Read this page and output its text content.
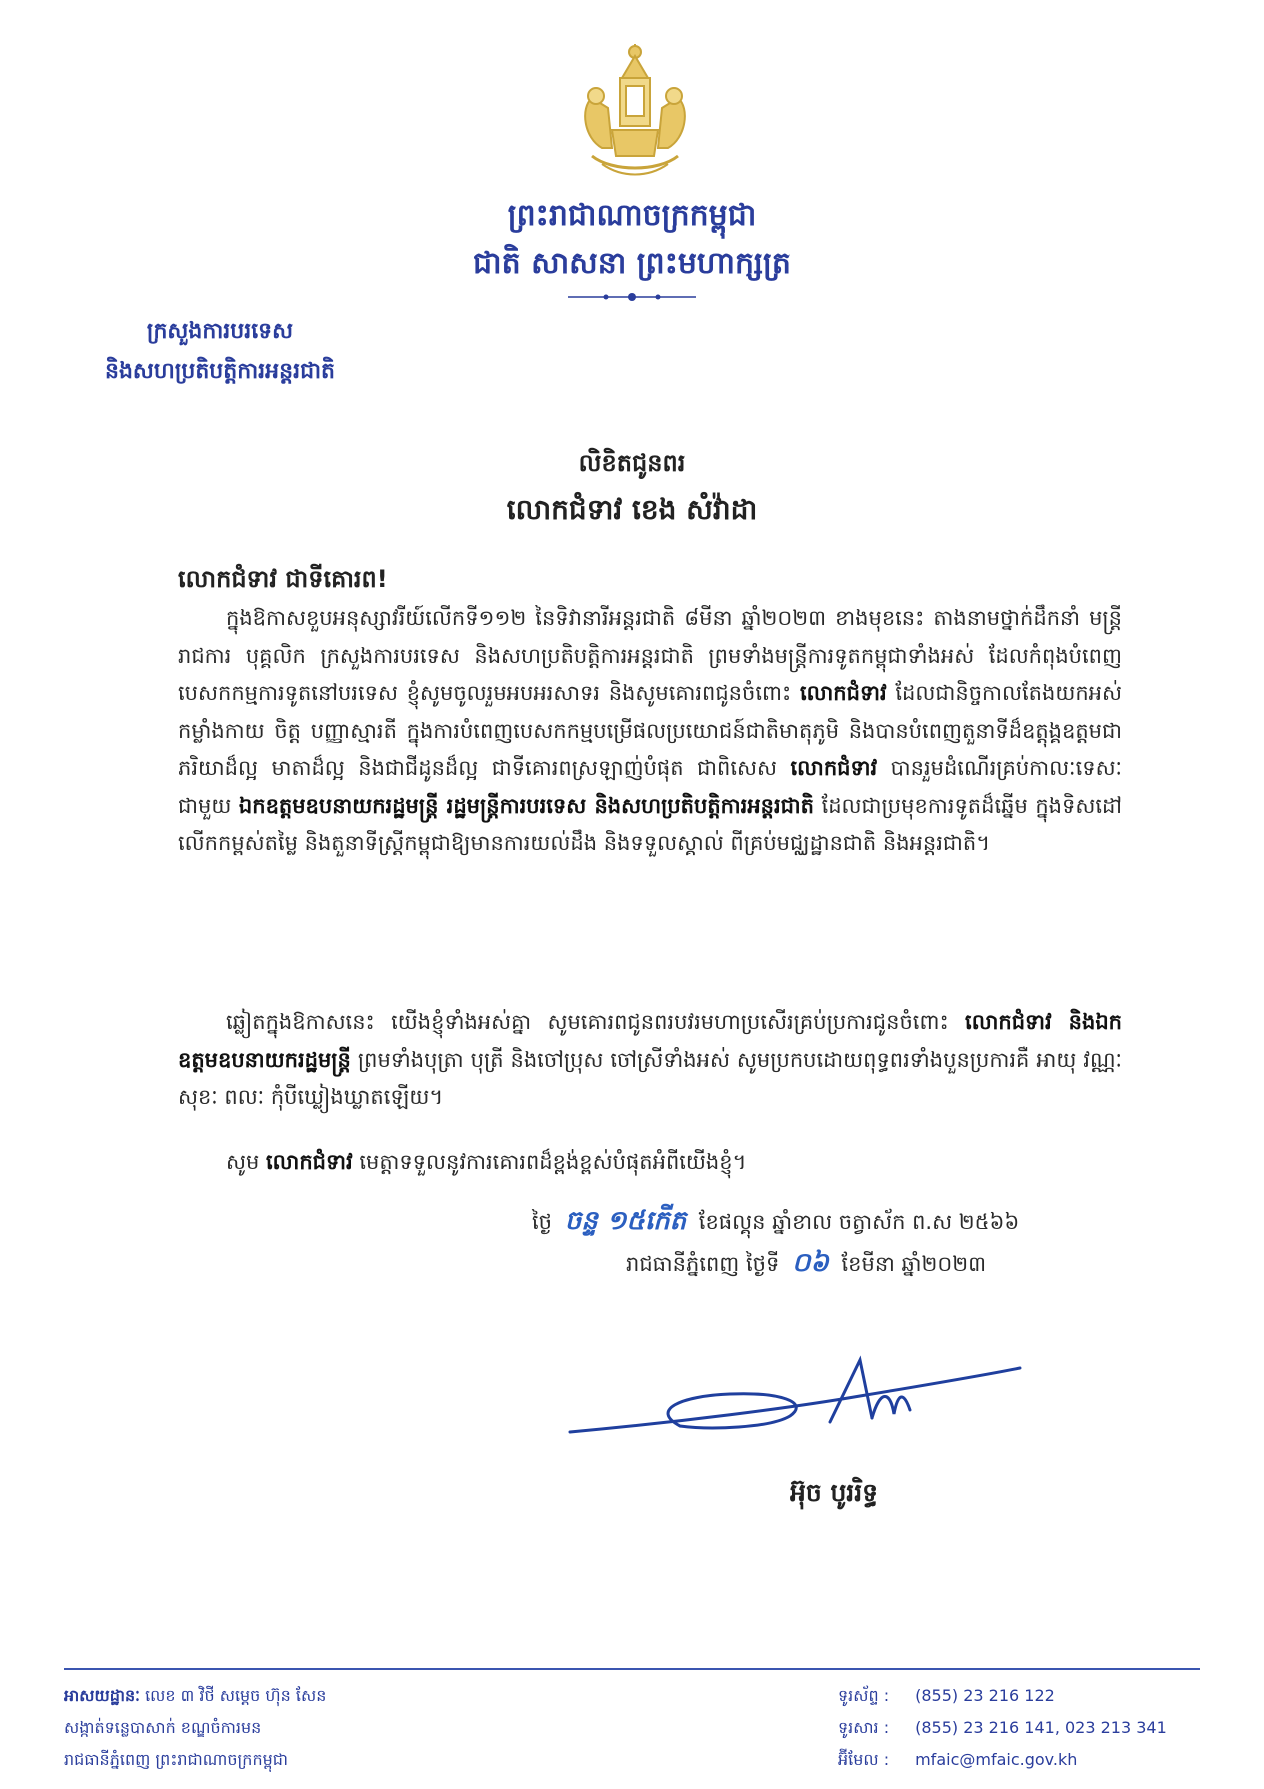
ព្រះរាជាណាចក្រកម្ពុជា
ជាតិ សាសនា ព្រះមហាក្សត្រ
ក្រសួងការបរទេស
និងសហប្រតិបត្តិការអន្តរជាតិ
លិខិតជូនពរ
លោកជំទាវ ខេង សំវ៉ាដា
លោកជំទាវ ជាទីគោរព!
ក្នុងឱកាសខួបអនុស្សាវរីយ៍លើកទី១១២ នៃទិវានារីអន្តរជាតិ ៨មីនា ឆ្នាំ២០២៣ ខាងមុខនេះ តាងនាមថ្នាក់ដឹកនាំ មន្ត្រីរាជការ បុគ្គលិក ក្រសួងការបរទេស និងសហប្រតិបត្តិការអន្តរជាតិ ព្រមទាំងមន្ត្រីការទូតកម្ពុជាទាំងអស់ ដែលកំពុងបំពេញបេសកកម្មការទូតនៅបរទេស ខ្ញុំសូមចូលរួមអបអរសាទរ និងសូមគោរពជូនចំពោះ លោកជំទាវ ដែលជានិច្ចកាលតែងយកអស់កម្លាំងកាយ ចិត្ត បញ្ញាស្មារតី ក្នុងការបំពេញបេសកកម្មបម្រើផលប្រយោជន៍ជាតិមាតុភូមិ និងបានបំពេញតួនាទីដ៏ឧត្តុង្គឧត្តមជាភរិយាដ៏ល្អ មាតាដ៏ល្អ និងជាជីដូនដ៏ល្អ ជាទីគោរពស្រឡាញ់បំផុត ជាពិសេស លោកជំទាវ បានរួមដំណើរគ្រប់កាលៈទេសៈជាមួយ ឯកឧត្តមឧបនាយករដ្ឋមន្ត្រី រដ្ឋមន្ត្រីការបរទេស និងសហប្រតិបត្តិការអន្តរជាតិ ដែលជាប្រមុខការទូតដ៏ឆ្នើម ក្នុងទិសដៅលើកកម្ពស់តម្លៃ និងតួនាទីស្ត្រីកម្ពុជាឱ្យមានការយល់ដឹង និងទទួលស្គាល់ ពីគ្រប់មជ្ឈដ្ឋានជាតិ និងអន្តរជាតិ។
ឆ្លៀតក្នុងឱកាសនេះ យើងខ្ញុំទាំងអស់គ្នា សូមគោរពជូនពរបវរមហាប្រសើរគ្រប់ប្រការជូនចំពោះ លោកជំទាវ និងឯកឧត្តមឧបនាយករដ្ឋមន្ត្រី ព្រមទាំងបុត្រា បុត្រី និងចៅប្រុស ចៅស្រីទាំងអស់ សូមប្រកបដោយពុទ្ធពរទាំងបួនប្រការគឺ អាយុ វណ្ណៈ សុខៈ ពលៈ កុំបីឃ្លៀងឃ្លាតឡើយ។
សូម លោកជំទាវ មេត្តាទទួលនូវការគោរពដ៏ខ្ពង់ខ្ពស់បំផុតអំពីយើងខ្ញុំ។
ថ្ងៃ ចន្ទ ១៥កើត ខែផល្គុន ឆ្នាំខាល ចត្វាស័ក ព.ស ២៥៦៦
រាជធានីភ្នំពេញ ថ្ងៃទី ០៦ ខែមីនា ឆ្នាំ២០២៣
អ៊ុច បូររិទ្ធ
អាសយដ្ឋានៈ លេខ ៣ វិថី សម្តេច ហ៊ុន សែន
សង្កាត់ទន្លេបាសាក់ ខណ្ឌចំការមន
រាជធានីភ្នំពេញ ព្រះរាជាណាចក្រកម្ពុជា
ទូរស័ព្ទ : (855) 23 216 122
ទូរសារ : (855) 23 216 141, 023 213 341
អ៊ីមែល : mfaic@mfaic.gov.kh
